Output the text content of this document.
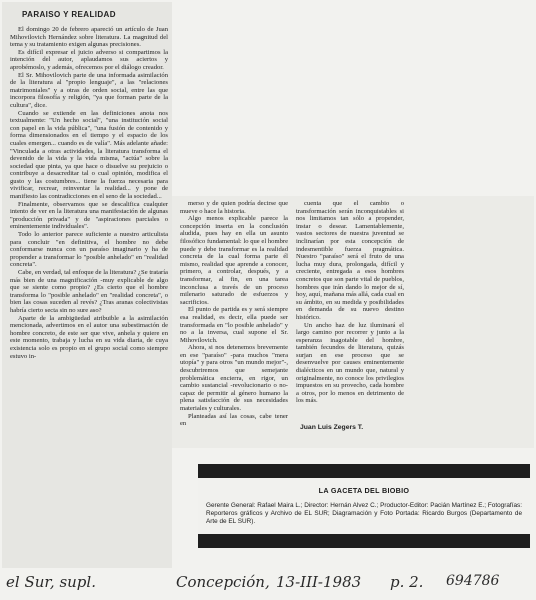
PARAISO Y REALIDAD

El domingo 20 de febrero apareció un artículo de Juan Mihovilovich Hernández sobre literatura. La magnitud del tema y su tratamiento exigen algunas precisiones.

Es difícil expresar el juicio adverso si compartimos la intención del autor, aplaudamos sus aciertos y aprobémoslo, y además, ofrecemos por el diálogo creador.

El Sr. Mihovilovich parte de una informada asimilación de la literatura al "propio lenguaje", a las "relaciones matrimoniales" y a otras de orden social, entre las que incorpora filosofía y religión, "ya que forman parte de la cultura", dice.

Cuando se extiende en las definiciones anota nos textualmente: "Un hecho social", "una institución social con papel en la vida pública", "una fusión de contenido y forma dimensionados en el tiempo y el espacio de los cuales emergen... cuando es de valía". Más adelante añade: "Vinculada a otras actividades, la literatura transforma el devenido de la vida y la vida misma, "actúa" sobre la sociedad que pinta, ya que hace o disuelve su prejuicio o contribuye a desacreditar tal o cual opinión, modifica el gusto y las costumbres... tiene la fuerza necesaria para vivificar, recrear, reinventar la realidad... y pone de manifiesto las contradicciones en el seno de la sociedad...

Finalmente, observamos que se descalifica cualquier intento de ver en la literatura una manifestación de algunas "producción privada" y de "aspiraciones parciales o eminentemente individuales".

Todo lo anterior parece suficiente a nuestro articulista para concluir "en definitiva, el hombre no debe conformarse nunca con un paraíso imaginario y ha de propender a transformar lo "posible anhelado" en "realidad concreta".

Cabe, en verdad, tal enfoque de la literatura? ¿Se trataría más bien de una magnificación -muy explicable de algo que se siente como propio? ¿Es cierto que el hombre transforma lo "posible anhelado" en "realidad concreta", o bien las cosas suceden al revés? ¿Tras aranas colectivistas habría cierto secta sin no sure aso?

Aparte de la ambigüedad atribuible a la asimilación mencionada, advertimos en el autor una subestimación de hombre concreto, de este ser que vive, anhela y quiere en este momento, trabaja y lucha en su vida diaria, de cuya existencia solo es propio en el grupo social como siempre estuvo in-

merso y de quien podría decirse que mueve o hace la historia.

Algo menos explicable parece la concepción inserta en la conclusión aludida, pues hay en ella un asunto filosófico fundamental: lo que el hombre puede y debe transformar es la realidad concreta de la cual forma parte él mismo, realidad que aprende a conocer, primero, a controlar, después, y a transformar, al fin, en una tarea inconclusa a través de un proceso milenario saturado de esfuerzos y sacrificios.

El punto de partida es y será siempre esa realidad, es decir, ella puede ser transformada en "lo posible anhelado" y no a la inversa, cual supone el Sr. Mihovilovich.

Ahora, si nos detenemos brevemente en ese "paraíso" -para muchos "mera utopía" y para otros "un mundo mejor"-, descubriremos que semejante problemática encierra, en rigor, un cambio sustancial -revolucionario o no- capaz de permitir al género humano la plena satisfacción de sus necesidades materiales y culturales.

Planteadas así las cosas, cabe tener en

cuenta que el cambio o transformación serán inconquistables si nos limitamos tan sólo a propender, instar o desear. Lamentablemente, vastos sectores de nuestra juventud se inclinarían por esta concepción de indesmentible fuerza pragmática. Nuestro "paraíso" será el fruto de una lucha muy dura, prolongada, difícil y creciente, entregada a esos hombres concretos que son parte vital de pueblos, hombres que irán dando lo mejor de sí, hoy, aquí, mañana más allá, cada cual en su ámbito, en su medida y posibilidades en demanda de su nuevo destino histórico.

Un ancho haz de luz iluminará el largo camino por recorrer y junto a la esperanza inagotable del hombre, también fecundos de literatura, quizás surjan en ese proceso que se desenvuelve por causes eminentemente dialécticos en un mundo que, natural y originalmente, no conoce los privilegios impuestos en su provecho, cada hombre a otros, por lo menos en detrimento de los más.

Juan Luis Zegers T.
LA GACETA DEL BIOBIO
Gerente General: Rafael Maira L.; Director: Hernán Alvez C.; Productor-Editor: Pacián Martínez E.; Fotografías: Reporteros gráficos y Archivo de EL SUR; Diagramación y Foto Portada: Ricardo Burgos (Departamento de Arte de EL SUR).
el Sur, supl.	Concepción, 13-III-1983 p. 2. 694786
